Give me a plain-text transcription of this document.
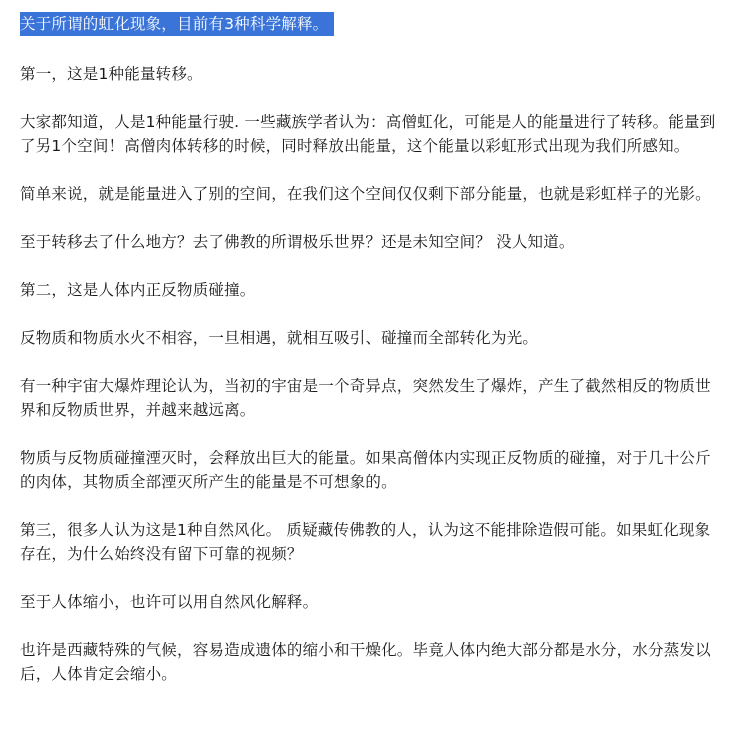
关于所谓的虹化现象，目前有3种科学解释。

第一，这是1种能量转移。

大家都知道，人是1种能量行驶. 一些藏族学者认为：高僧虹化，可能是人的能量进行了转移。能量到了另1个空间！高僧肉体转移的时候，同时释放出能量，这个能量以彩虹形式出现为我们所感知。

简单来说，就是能量进入了别的空间，在我们这个空间仅仅剩下部分能量，也就是彩虹样子的光影。

至于转移去了什么地方？去了佛教的所谓极乐世界？还是未知空间？ 没人知道。

第二，这是人体内正反物质碰撞。

反物质和物质水火不相容，一旦相遇，就相互吸引、碰撞而全部转化为光。

有一种宇宙大爆炸理论认为，当初的宇宙是一个奇异点，突然发生了爆炸，产生了截然相反的物质世界和反物质世界，并越来越远离。

物质与反物质碰撞湮灭时，会释放出巨大的能量。如果高僧体内实现正反物质的碰撞，对于几十公斤的肉体，其物质全部湮灭所产生的能量是不可想象的。

第三，很多人认为这是1种自然风化。 质疑藏传佛教的人，认为这不能排除造假可能。如果虹化现象存在，为什么始终没有留下可靠的视频？

至于人体缩小，也许可以用自然风化解释。

也许是西藏特殊的气候，容易造成遗体的缩小和干燥化。毕竟人体内绝大部分都是水分，水分蒸发以后，人体肯定会缩小。
